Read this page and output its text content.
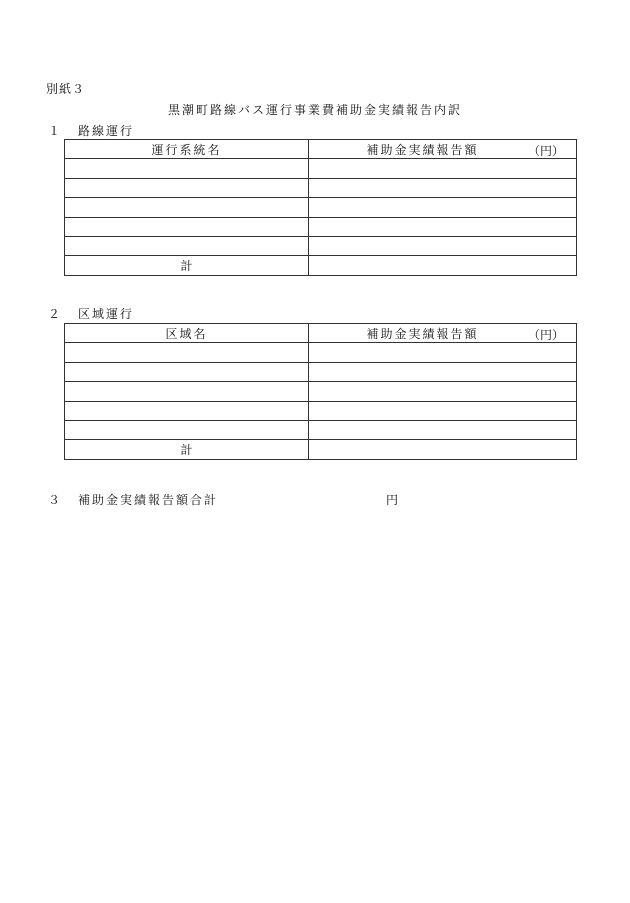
別紙３
黒潮町路線バス運行事業費補助金実績報告内訳
１ 路線運行
運行系統名	補助金実績報告額 （円）

計	
２ 区域運行
区域名	補助金実績報告額 （円）

計	
３ 補助金実績報告額合計	円
